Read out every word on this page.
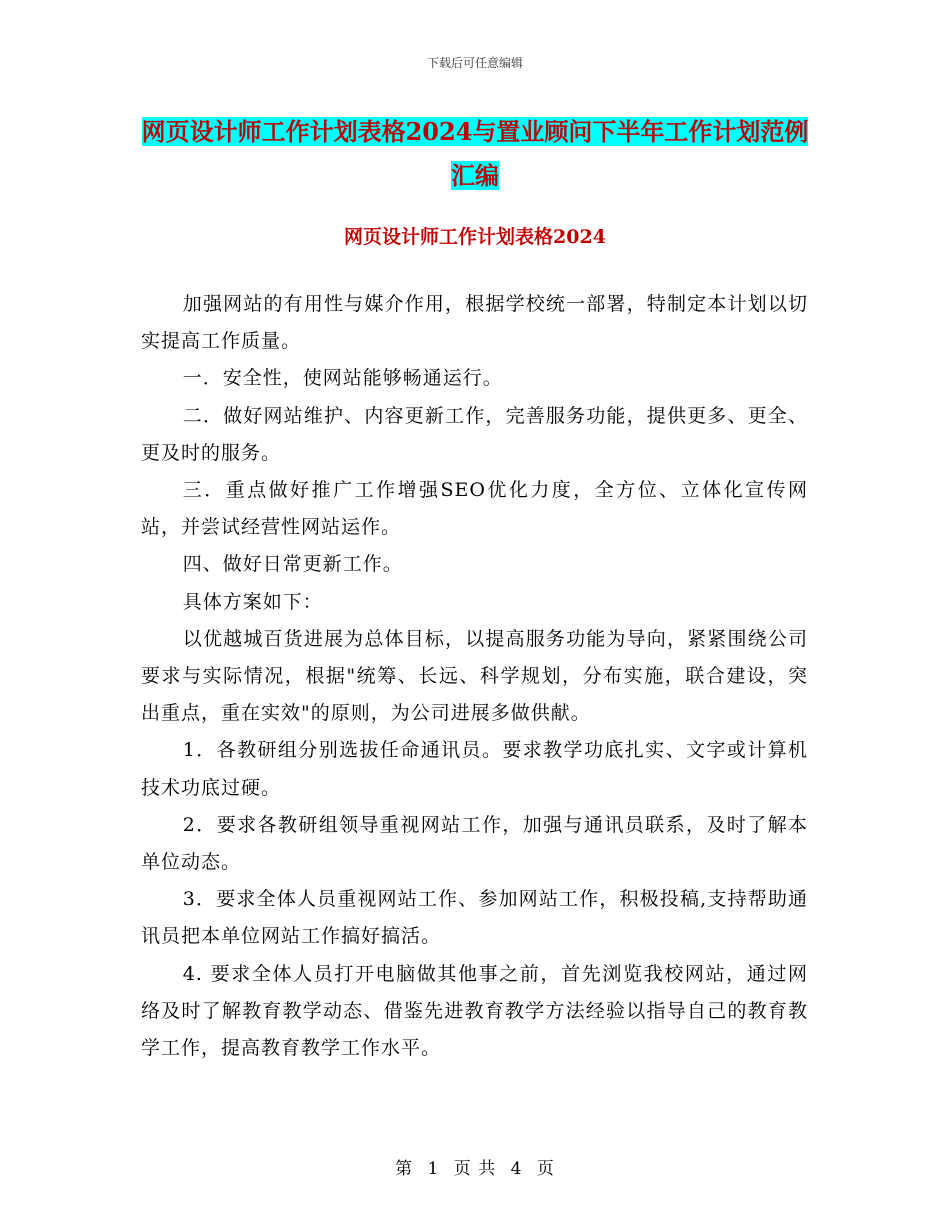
下载后可任意编辑
网页设计师工作计划表格2024与置业顾问下半年工作计划范例汇编
网页设计师工作计划表格2024

加强网站的有用性与媒介作用，根据学校统一部署，特制定本计划以切实提高工作质量。

一．安全性，使网站能够畅通运行。

二．做好网站维护、内容更新工作，完善服务功能，提供更多、更全、更及时的服务。

三．重点做好推广工作增强SEO优化力度，全方位、立体化宣传网站，并尝试经营性网站运作。

四、做好日常更新工作。

具体方案如下：

以优越城百货进展为总体目标，以提高服务功能为导向，紧紧围绕公司要求与实际情况，根据"统筹、长远、科学规划，分布实施，联合建设，突出重点，重在实效"的原则，为公司进展多做供献。

1．各教研组分别选拔任命通讯员。要求教学功底扎实、文字或计算机技术功底过硬。

2．要求各教研组领导重视网站工作，加强与通讯员联系，及时了解本单位动态。

3．要求全体人员重视网站工作、参加网站工作，积极投稿,支持帮助通讯员把本单位网站工作搞好搞活。

4. 要求全体人员打开电脑做其他事之前，首先浏览我校网站，通过网络及时了解教育教学动态、借鉴先进教育教学方法经验以指导自己的教育教学工作，提高教育教学工作水平。

第 1 页 共 4 页
